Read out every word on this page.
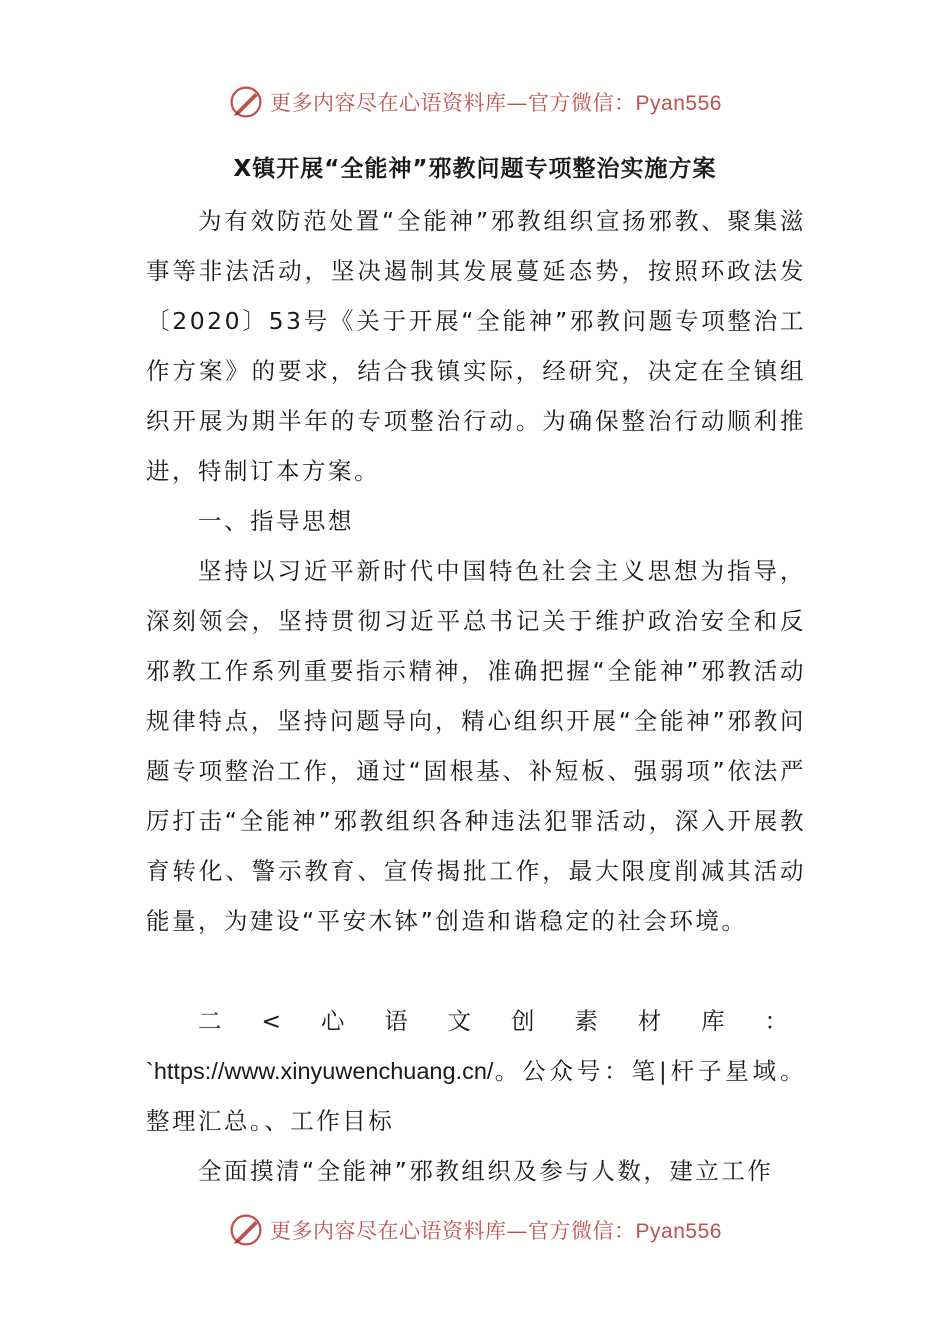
更多内容尽在心语资料库—官方微信：Pyan556
X镇开展“全能神”邪教问题专项整治实施方案
为有效防范处置“全能神”邪教组织宣扬邪教、聚集滋事等非法活动，坚决遏制其发展蔓延态势，按照环政法发〔2020〕53号《关于开展“全能神”邪教问题专项整治工作方案》的要求，结合我镇实际，经研究，决定在全镇组织开展为期半年的专项整治行动。为确保整治行动顺利推进，特制订本方案。
一、指导思想
坚持以习近平新时代中国特色社会主义思想为指导，深刻领会，坚持贯彻习近平总书记关于维护政治安全和反邪教工作系列重要指示精神，准确把握“全能神”邪教活动规律特点，坚持问题导向，精心组织开展“全能神”邪教问题专项整治工作，通过“固根基、补短板、强弱项”依法严厉打击“全能神”邪教组织各种违法犯罪活动，深入开展教育转化、警示教育、宣传揭批工作，最大限度削减其活动能量，为建设“平安木钵”创造和谐稳定的社会环境。
二<心语文创素材库：`https://www.xinyuwenchuang.cn/。公众号：笔|杆子星域。整理汇总。、工作目标
全面摸清“全能神”邪教组织及参与人数，建立工作
更多内容尽在心语资料库—官方微信：Pyan556
